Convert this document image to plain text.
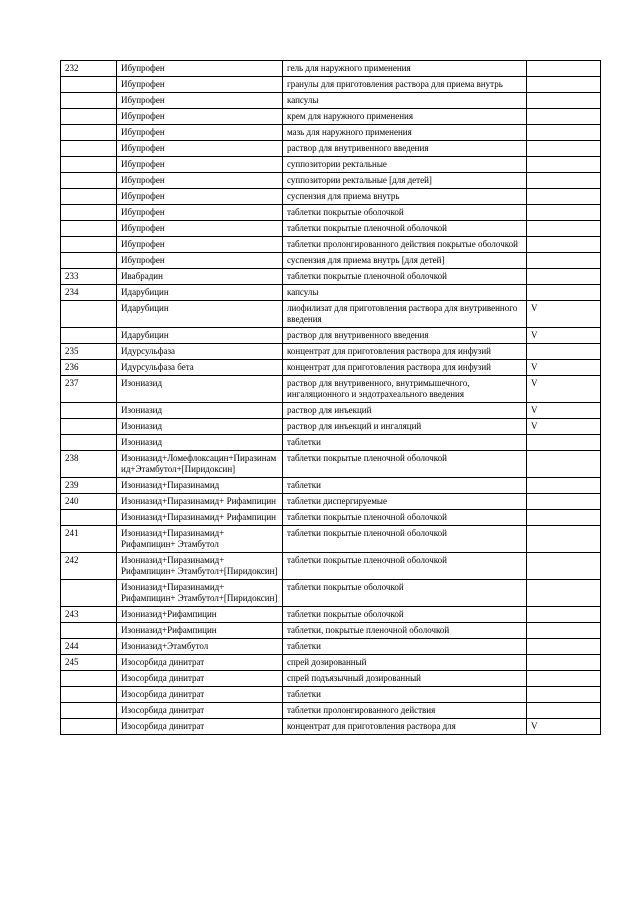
232	Ибупрофен	гель для наружного применения	
	Ибупрофен	гранулы для приготовления раствора для приема внутрь	
	Ибупрофен	капсулы	
	Ибупрофен	крем для наружного применения	
	Ибупрофен	мазь для наружного применения	
	Ибупрофен	раствор для внутривенного введения	
	Ибупрофен	суппозитории ректальные	
	Ибупрофен	суппозитории ректальные [для детей]	
	Ибупрофен	суспензия для приема внутрь	
	Ибупрофен	таблетки покрытые оболочкой	
	Ибупрофен	таблетки покрытые пленочной оболочкой	
	Ибупрофен	таблетки пролонгированного действия покрытые оболочкой	
	Ибупрофен	суспензия для приема внутрь [для детей]	
233	Ивабрадин	таблетки покрытые пленочной оболочкой	
234	Идарубицин	капсулы	
	Идарубицин	лиофилизат для приготовления раствора для внутривенного введения	V
	Идарубицин	раствор для внутривенного введения	V
235	Идурсульфаза	концентрат для приготовления раствора для инфузий	
236	Идурсульфаза бета	концентрат для приготовления раствора для инфузий	V
237	Изониазид	раствор для внутривенного, внутримышечного, ингаляционного и эндотрахеального введения	V
	Изониазид	раствор для инъекций	V
	Изониазид	раствор для инъекций и ингаляций	V
	Изониазид	таблетки	
238	Изониазид+Ломефлоксацин+Пиразинамид+Этамбутол+[Пиридоксин]	таблетки покрытые пленочной оболочкой	
239	Изониазид+Пиразинамид	таблетки	
240	Изониазид+Пиразинамид+ Рифампицин	таблетки диспергируемые	
	Изониазид+Пиразинамид+ Рифампицин	таблетки покрытые пленочной оболочкой	
241	Изониазид+Пиразинамид+ Рифампицин+ Этамбутол	таблетки покрытые пленочной оболочкой	
242	Изониазид+Пиразинамид+ Рифампицин+ Этамбутол+[Пиридоксин]	таблетки покрытые пленочной оболочкой	
	Изониазид+Пиразинамид+ Рифампицин+ Этамбутол+[Пиридоксин]	таблетки покрытые оболочкой	
243	Изониазид+Рифампицин	таблетки покрытые оболочкой	
	Изониазид+Рифампицин	таблетки, покрытые пленочной оболочкой	
244	Изониазид+Этамбутол	таблетки	
245	Изосорбида динитрат	спрей дозированный	
	Изосорбида динитрат	спрей подъязычный дозированный	
	Изосорбида динитрат	таблетки	
	Изосорбида динитрат	таблетки пролонгированного действия	
	Изосорбида динитрат	концентрат для приготовления раствора для	V
